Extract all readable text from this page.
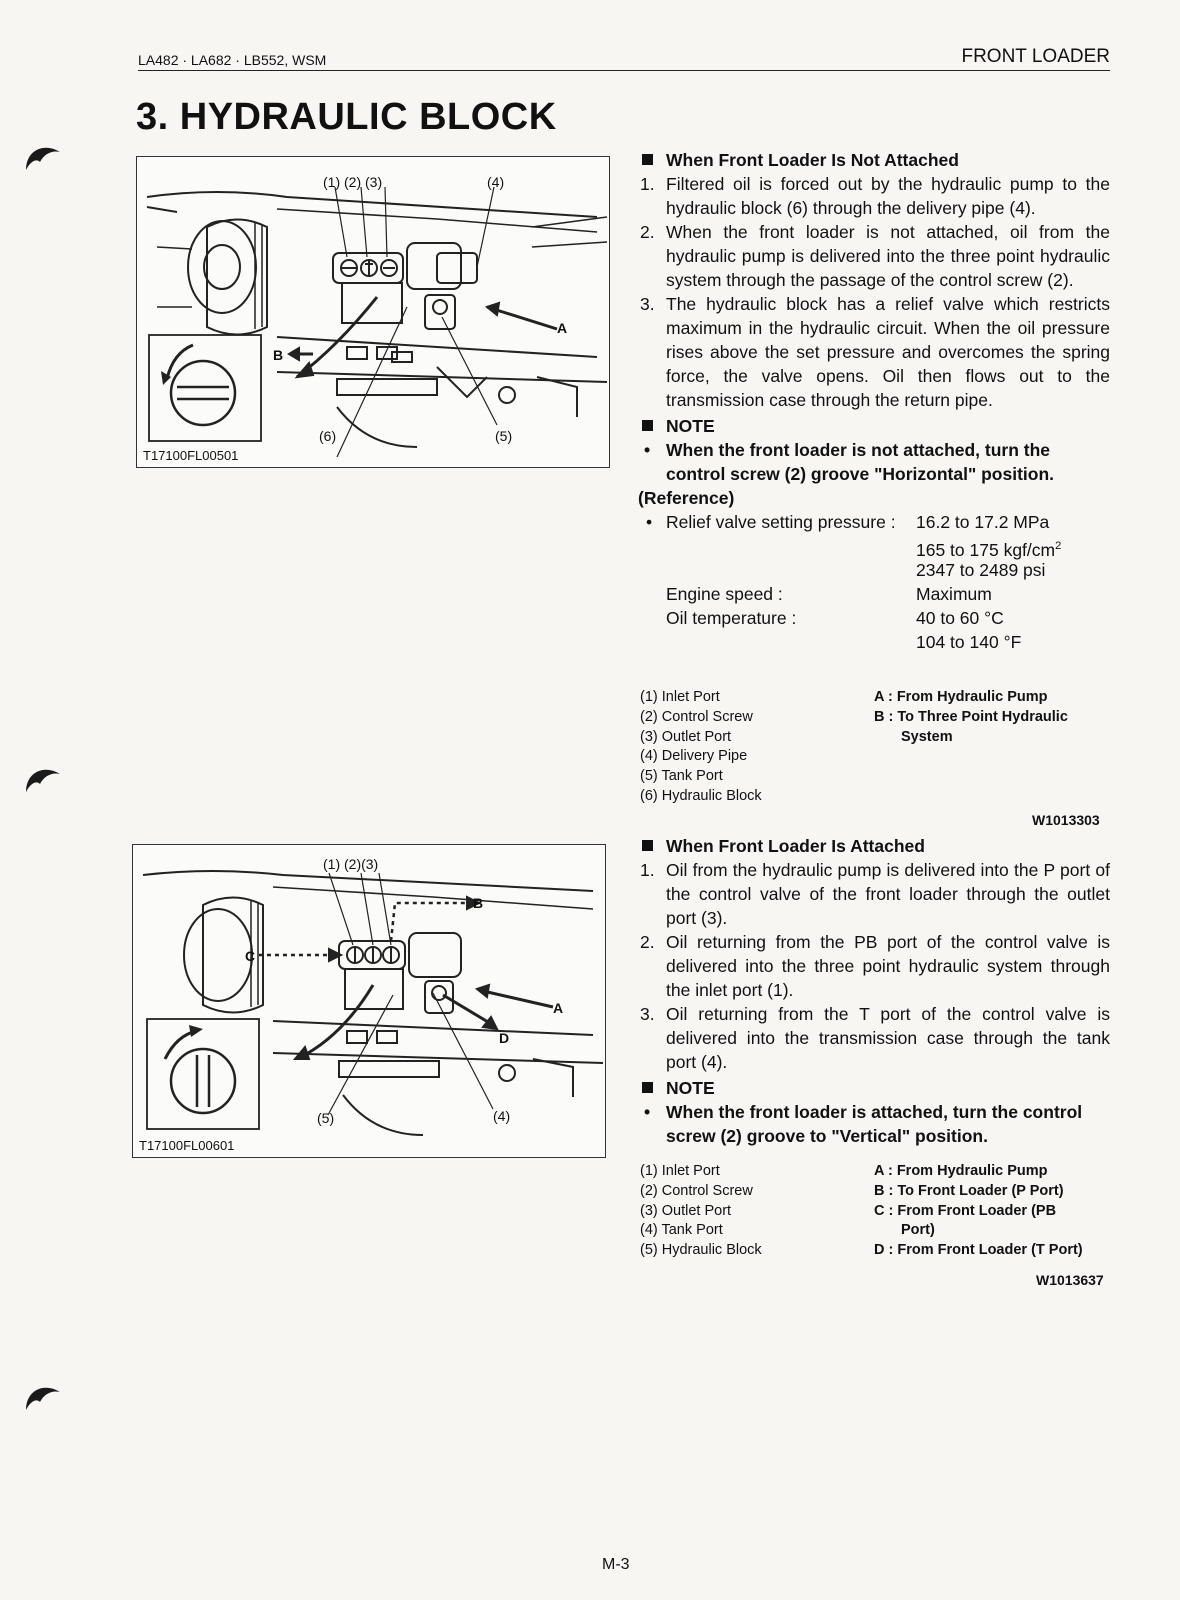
LA482 · LA682 · LB552, WSM	FRONT LOADER
3. HYDRAULIC BLOCK
(1) (2) (3)	(4)
(6)	(5)
A
B
T17100FL00501
(1) (2)(3)
(5)	(4)
A
B
C
D
T17100FL00601
When Front Loader Is Not Attached
1. Filtered oil is forced out by the hydraulic pump to the hydraulic block (6) through the delivery pipe (4).
2. When the front loader is not attached, oil from the hydraulic pump is delivered into the three point hydraulic system through the passage of the control screw (2).
3. The hydraulic block has a relief valve which restricts maximum in the hydraulic circuit. When the oil pressure rises above the set pressure and overcomes the spring force, the valve opens. Oil then flows out to the transmission case through the return pipe.
NOTE
• When the front loader is not attached, turn the control screw (2) groove "Horizontal" position.
(Reference)
• Relief valve setting pressure : 16.2 to 17.2 MPa
165 to 175 kgf/$cm^2$
2347 to 2489 psi
Engine speed :	Maximum
Oil temperature :	40 to 60 °C
104 to 140 °F
(1) Inlet Port
(2) Control Screw
(3) Outlet Port
(4) Delivery Pipe
(5) Tank Port
(6) Hydraulic Block
A : From Hydraulic Pump
B : To Three Point Hydraulic
System
W1013303
When Front Loader Is Attached
1. Oil from the hydraulic pump is delivered into the P port of the control valve of the front loader through the outlet port (3).
2. Oil returning from the PB port of the control valve is delivered into the three point hydraulic system through the inlet port (1).
3. Oil returning from the T port of the control valve is delivered into the transmission case through the tank port (4).
NOTE
• When the front loader is attached, turn the control screw (2) groove to "Vertical" position.
(1) Inlet Port
(2) Control Screw
(3) Outlet Port
(4) Tank Port
(5) Hydraulic Block
A : From Hydraulic Pump
B : To Front Loader (P Port)
C : From Front Loader (PB
Port)
D : From Front Loader (T Port)
W1013637
M-3
